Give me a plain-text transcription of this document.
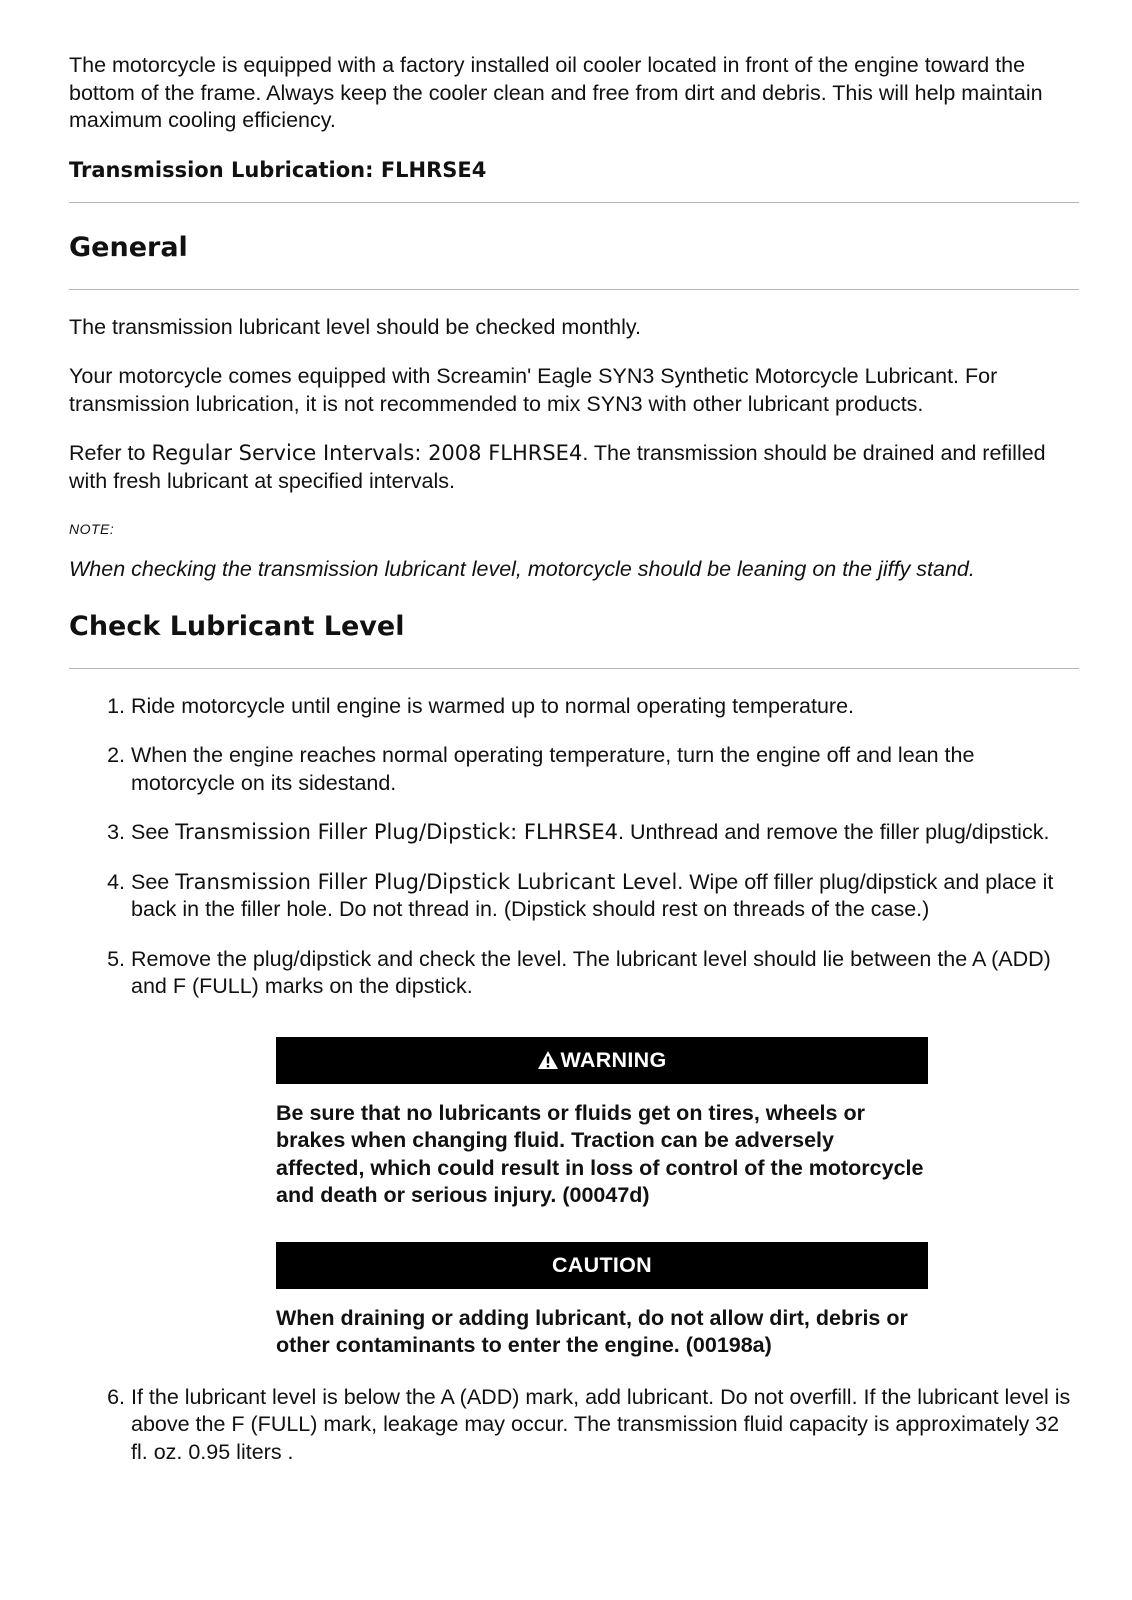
The motorcycle is equipped with a factory installed oil cooler located in front of the engine toward the bottom of the frame. Always keep the cooler clean and free from dirt and debris. This will help maintain maximum cooling efficiency.

Transmission Lubrication: FLHRSE4
General

The transmission lubricant level should be checked monthly.

Your motorcycle comes equipped with Screamin' Eagle SYN3 Synthetic Motorcycle Lubricant. For transmission lubrication, it is not recommended to mix SYN3 with other lubricant products.

Refer to Regular Service Intervals: 2008 FLHRSE4. The transmission should be drained and refilled with fresh lubricant at specified intervals.

NOTE:

When checking the transmission lubricant level, motorcycle should be leaning on the jiffy stand.

Check Lubricant Level
1. Ride motorcycle until engine is warmed up to normal operating temperature.
2. When the engine reaches normal operating temperature, turn the engine off and lean the motorcycle on its sidestand.
3. See Transmission Filler Plug/Dipstick: FLHRSE4. Unthread and remove the filler plug/dipstick.
4. See Transmission Filler Plug/Dipstick Lubricant Level. Wipe off filler plug/dipstick and place it back in the filler hole. Do not thread in. (Dipstick should rest on threads of the case.)
5. Remove the plug/dipstick and check the level. The lubricant level should lie between the A (ADD) and F (FULL) marks on the dipstick.
WARNING

Be sure that no lubricants or fluids get on tires, wheels or brakes when changing fluid. Traction can be adversely affected, which could result in loss of control of the motorcycle and death or serious injury. (00047d)

CAUTION

When draining or adding lubricant, do not allow dirt, debris or other contaminants to enter the engine. (00198a)

6. If the lubricant level is below the A (ADD) mark, add lubricant. Do not overfill. If the lubricant level is above the F (FULL) mark, leakage may occur. The transmission fluid capacity is approximately 32 fl. oz. 0.95 liters .
